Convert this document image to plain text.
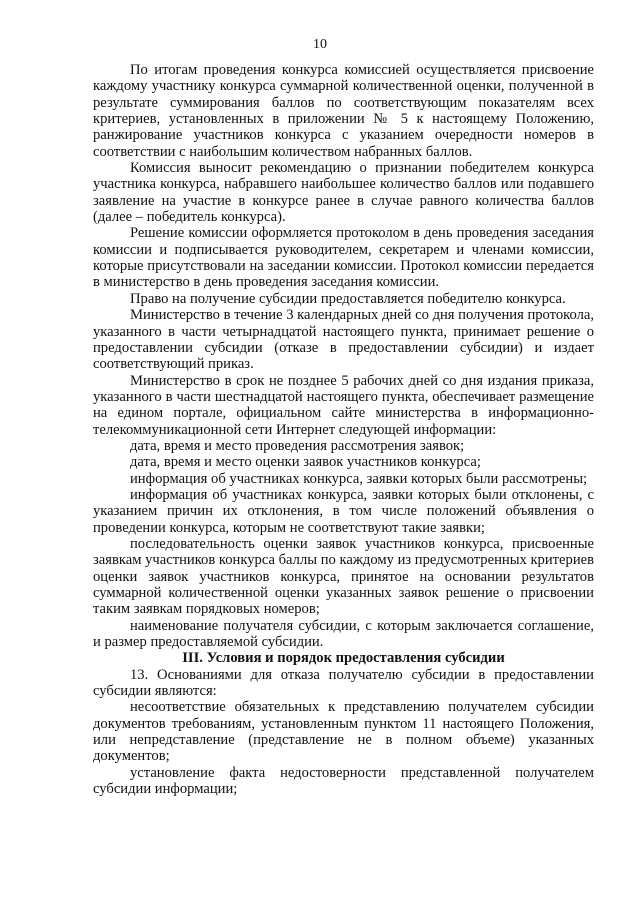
10

По итогам проведения конкурса комиссией осуществляется присвоение каждому участнику конкурса суммарной количественной оценки, полученной в результате суммирования баллов по соответствующим показателям всех критериев, установленных в приложении № 5 к настоящему Положению, ранжирование участников конкурса с указанием очередности номеров в соответствии с наибольшим количеством набранных баллов.

Комиссия выносит рекомендацию о признании победителем конкурса участника конкурса, набравшего наибольшее количество баллов или подавшего заявление на участие в конкурсе ранее в случае равного количества баллов (далее – победитель конкурса).

Решение комиссии оформляется протоколом в день проведения заседания комиссии и подписывается руководителем, секретарем и членами комиссии, которые присутствовали на заседании комиссии. Протокол комиссии передается в министерство в день проведения заседания комиссии.

Право на получение субсидии предоставляется победителю конкурса.

Министерство в течение 3 календарных дней со дня получения протокола, указанного в части четырнадцатой настоящего пункта, принимает решение о предоставлении субсидии (отказе в предоставлении субсидии) и издает соответствующий приказ.

Министерство в срок не позднее 5 рабочих дней со дня издания приказа, указанного в части шестнадцатой настоящего пункта, обеспечивает размещение на едином портале, официальном сайте министерства в информационно-телекоммуникационной сети Интернет следующей информации:

дата, время и место проведения рассмотрения заявок;

дата, время и место оценки заявок участников конкурса;

информация об участниках конкурса, заявки которых были рассмотрены;

информация об участниках конкурса, заявки которых были отклонены, с указанием причин их отклонения, в том числе положений объявления о проведении конкурса, которым не соответствуют такие заявки;

последовательность оценки заявок участников конкурса, присвоенные заявкам участников конкурса баллы по каждому из предусмотренных критериев оценки заявок участников конкурса, принятое на основании результатов суммарной количественной оценки указанных заявок решение о присвоении таким заявкам порядковых номеров;

наименование получателя субсидии, с которым заключается соглашение, и размер предоставляемой субсидии.

III. Условия и порядок предоставления субсидии

13. Основаниями для отказа получателю субсидии в предоставлении субсидии являются:

несоответствие обязательных к представлению получателем субсидии документов требованиям, установленным пунктом 11 настоящего Положения, или непредставление (представление не в полном объеме) указанных документов;

установление факта недостоверности представленной получателем субсидии информации;
